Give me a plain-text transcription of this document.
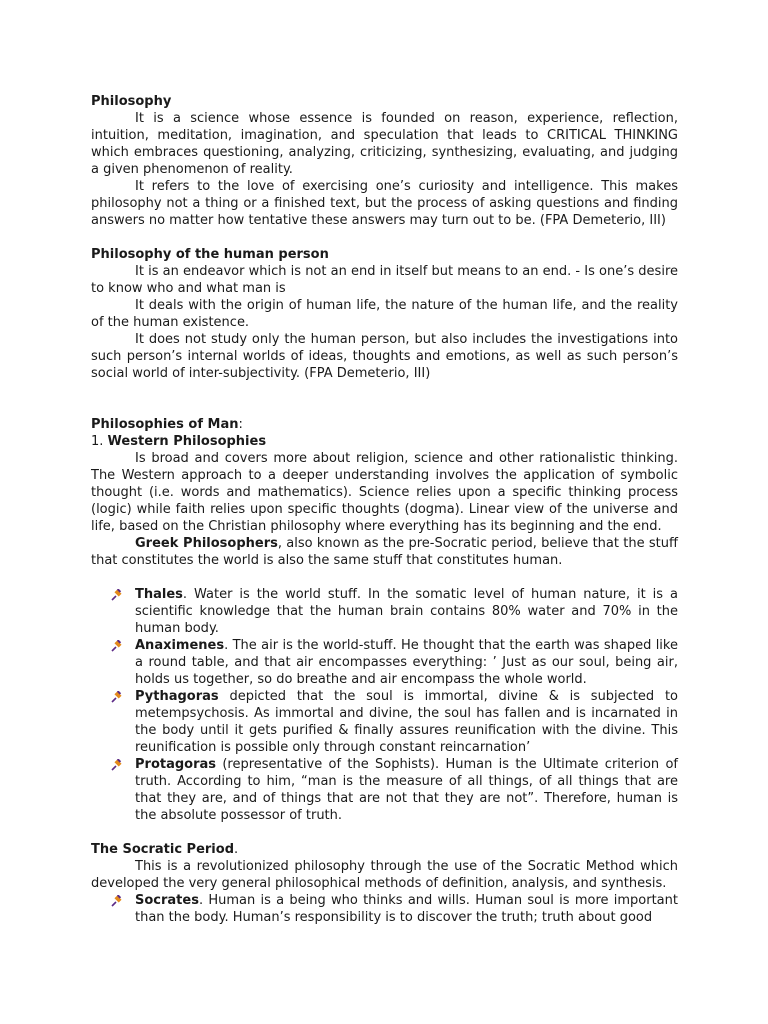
Philosophy

It is a science whose essence is founded on reason, experience, reflection, intuition, meditation, imagination, and speculation that leads to CRITICAL THINKING which embraces questioning, analyzing, criticizing, synthesizing, evaluating, and judging a given phenomenon of reality.

It refers to the love of exercising one’s curiosity and intelligence. This makes philosophy not a thing or a finished text, but the process of asking questions and finding answers no matter how tentative these answers may turn out to be. (FPA Demeterio, III)

Philosophy of the human person

It is an endeavor which is not an end in itself but means to an end. - Is one’s desire to know who and what man is

It deals with the origin of human life, the nature of the human life, and the reality of the human existence.

It does not study only the human person, but also includes the investigations into such person’s internal worlds of ideas, thoughts and emotions, as well as such person’s social world of inter-subjectivity. (FPA Demeterio, III)

Philosophies of Man:
1. Western Philosophies

Is broad and covers more about religion, science and other rationalistic thinking. The Western approach to a deeper understanding involves the application of symbolic thought (i.e. words and mathematics). Science relies upon a specific thinking process (logic) while faith relies upon specific thoughts (dogma). Linear view of the universe and life, based on the Christian philosophy where everything has its beginning and the end.

Greek Philosophers, also known as the pre-Socratic period, believe that the stuff that constitutes the world is also the same stuff that constitutes human.

Thales. Water is the world stuff. In the somatic level of human nature, it is a scientific knowledge that the human brain contains 80% water and 70% in the human body.
Anaximenes. The air is the world-stuff. He thought that the earth was shaped like a round table, and that air encompasses everything: ’ Just as our soul, being air, holds us together, so do breathe and air encompass the whole world.
Pythagoras depicted that the soul is immortal, divine & is subjected to metempsychosis. As immortal and divine, the soul has fallen and is incarnated in the body until it gets purified & finally assures reunification with the divine. This reunification is possible only through constant reincarnation’
Protagoras (representative of the Sophists). Human is the Ultimate criterion of truth. According to him, “man is the measure of all things, of all things that are that they are, and of things that are not that they are not”. Therefore, human is the absolute possessor of truth.
The Socratic Period.

This is a revolutionized philosophy through the use of the Socratic Method which developed the very general philosophical methods of definition, analysis, and synthesis.

Socrates. Human is a being who thinks and wills. Human soul is more important than the body. Human’s responsibility is to discover the truth; truth about good
